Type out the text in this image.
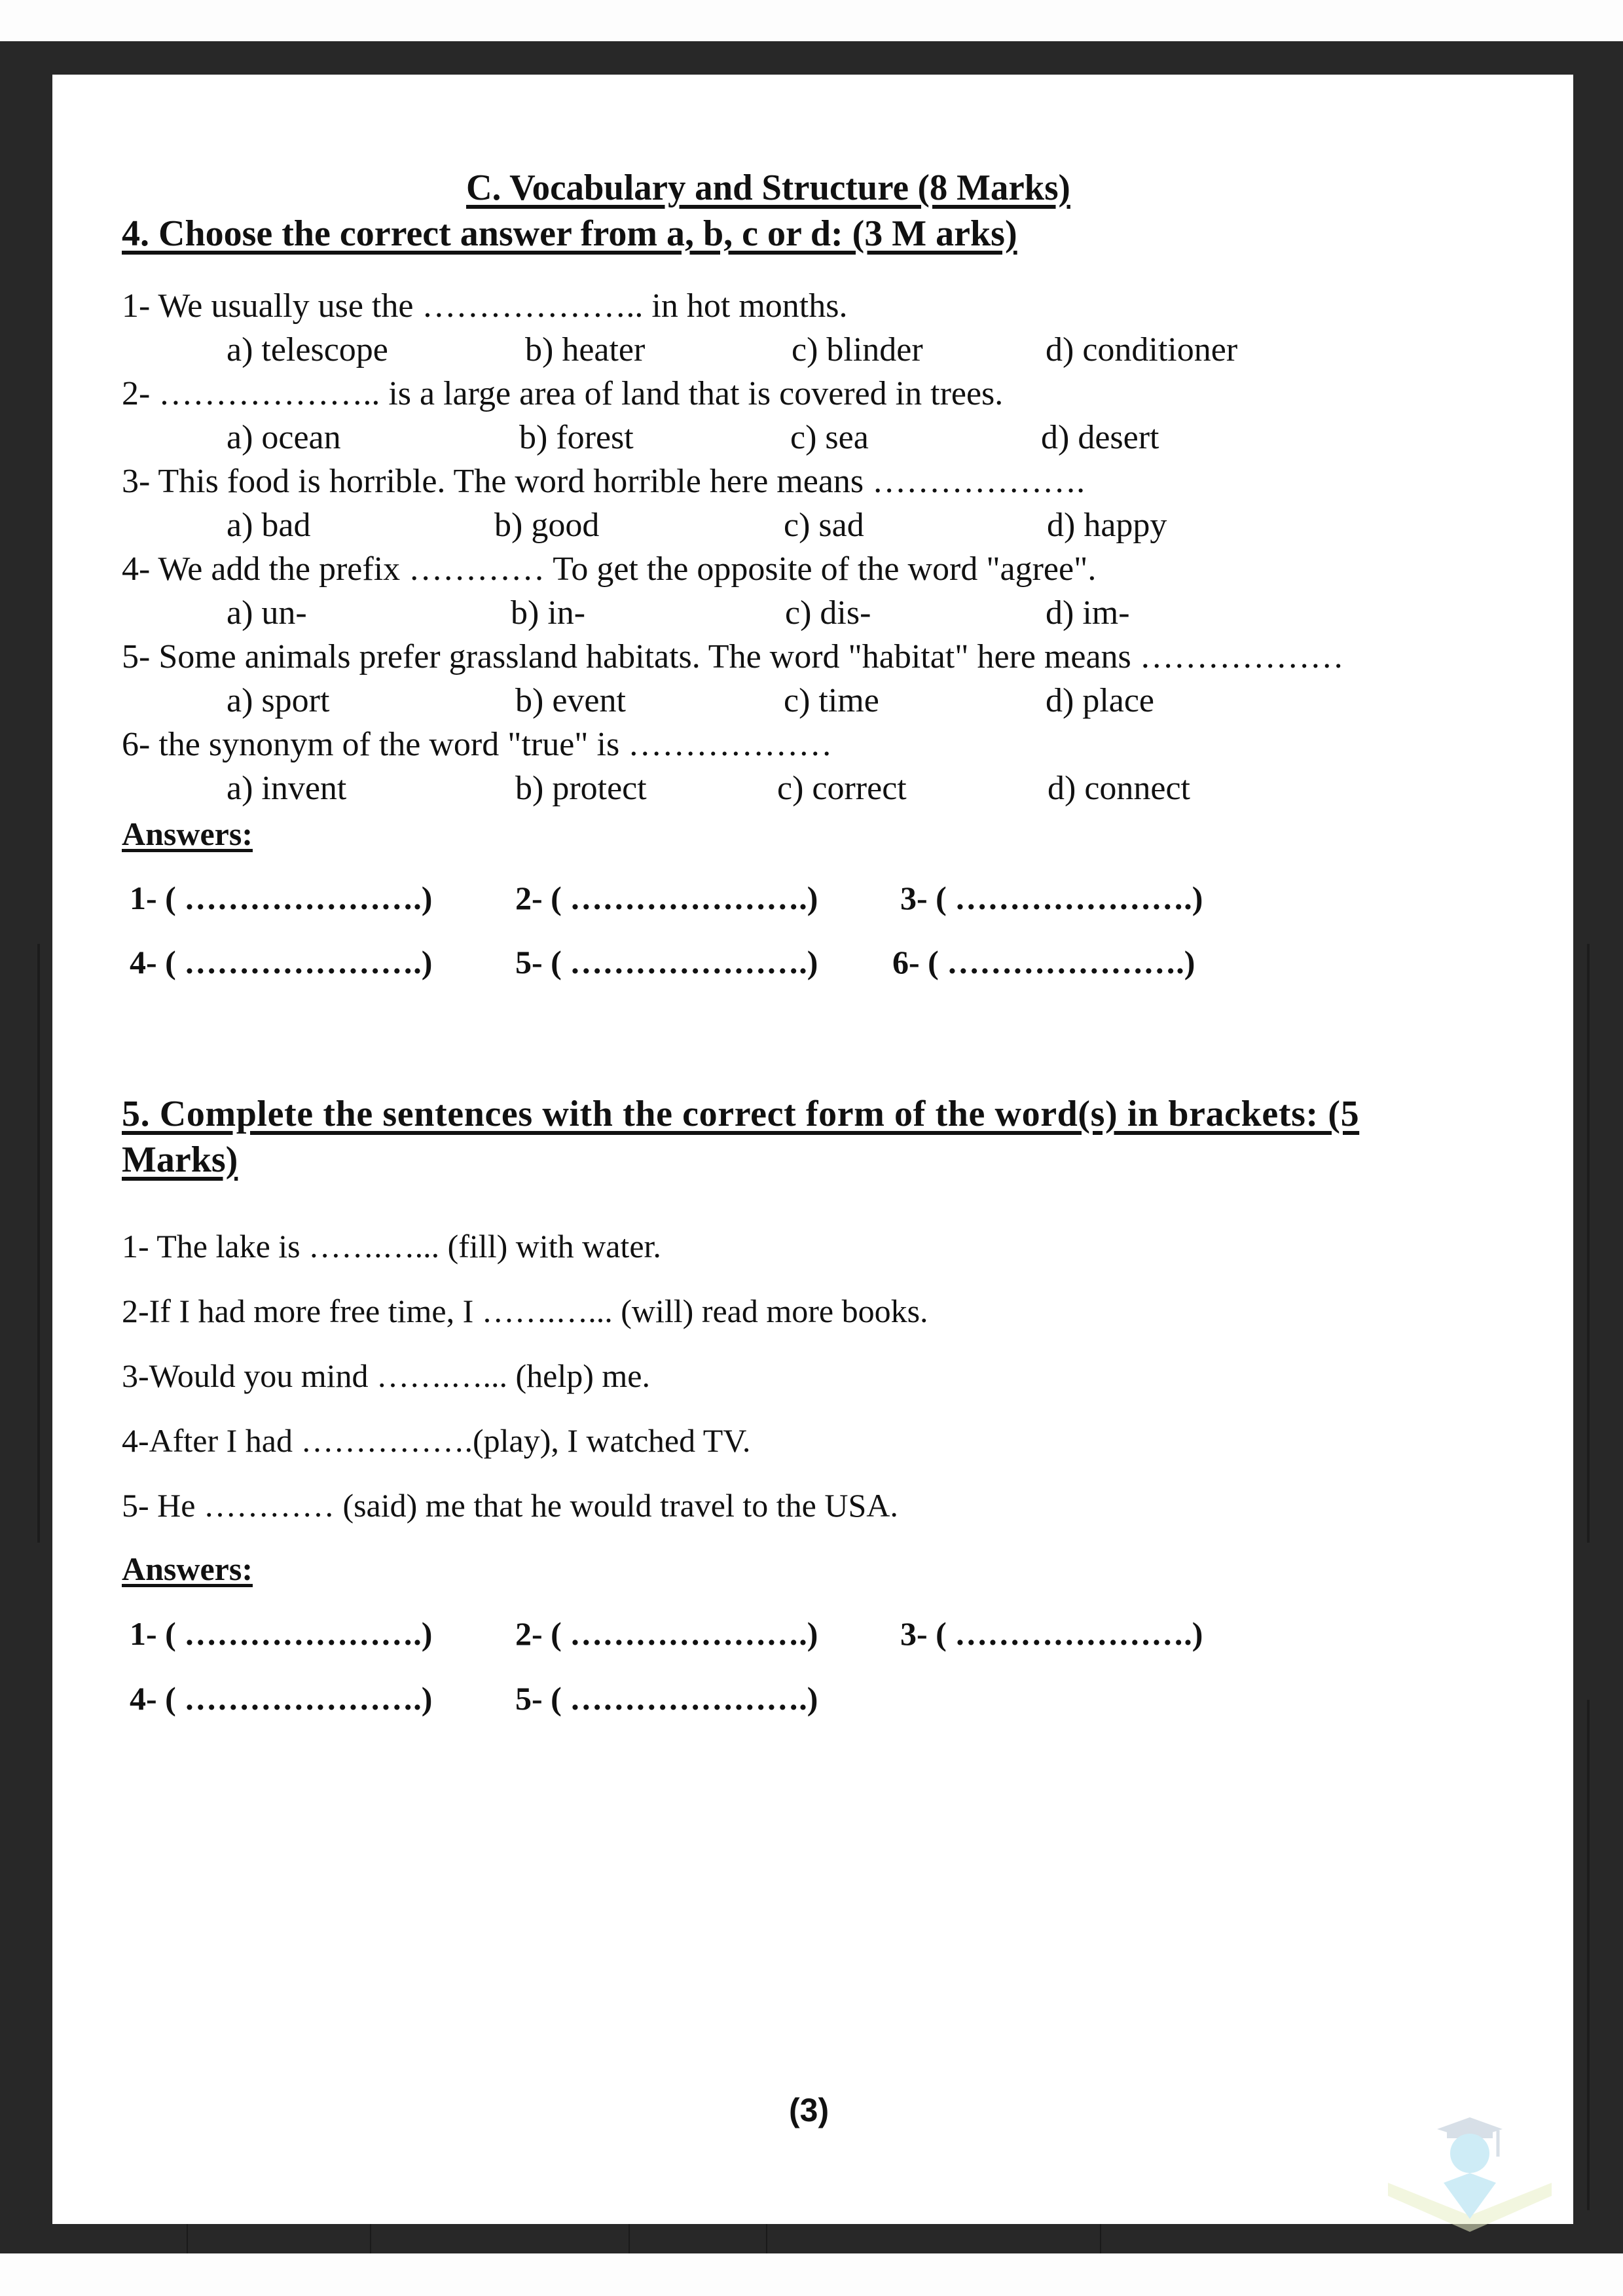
C. Vocabulary and Structure (8 Marks)
4. Choose the correct answer from a, b, c or d: (3 M arks)
1- We usually use the ……………….. in hot months.
a) telescope	b) heater	c) blinder	d) conditioner
2- ……………….. is a large area of land that is covered in trees.
a) ocean	b) forest	c) sea	d) desert
3- This food is horrible. The word horrible here means ……………….
a) bad	b) good	c) sad	d) happy
4- We add the prefix ………… To get the opposite of the word "agree".
a) un-	b) in-	c) dis-	d) im-
5- Some animals prefer grassland habitats. The word "habitat" here means ………………
a) sport	b) event	c) time	d) place
6- the synonym of the word "true" is ………………
a) invent	b) protect	c) correct	d) connect
Answers:
1- ( ………………….)	2- ( ………………….)	3- ( ………………….)
4- ( ………………….)	5- ( ………………….) 6- ( ………………….)
5. Complete the sentences with the correct form of the word(s) in brackets: (5
Marks)
1- The lake is …….…... (fill) with water.
2-If I had more free time, I …….…... (will) read more books.
3-Would you mind …….…... (help) me.
4-After I had …………….(play), I watched TV.
5- He ………… (said) me that he would travel to the USA.
Answers:
1- ( ………………….)	2- ( ………………….)	3- ( ………………….)
4- ( ………………….)	5- ( ………………….)
(3)
